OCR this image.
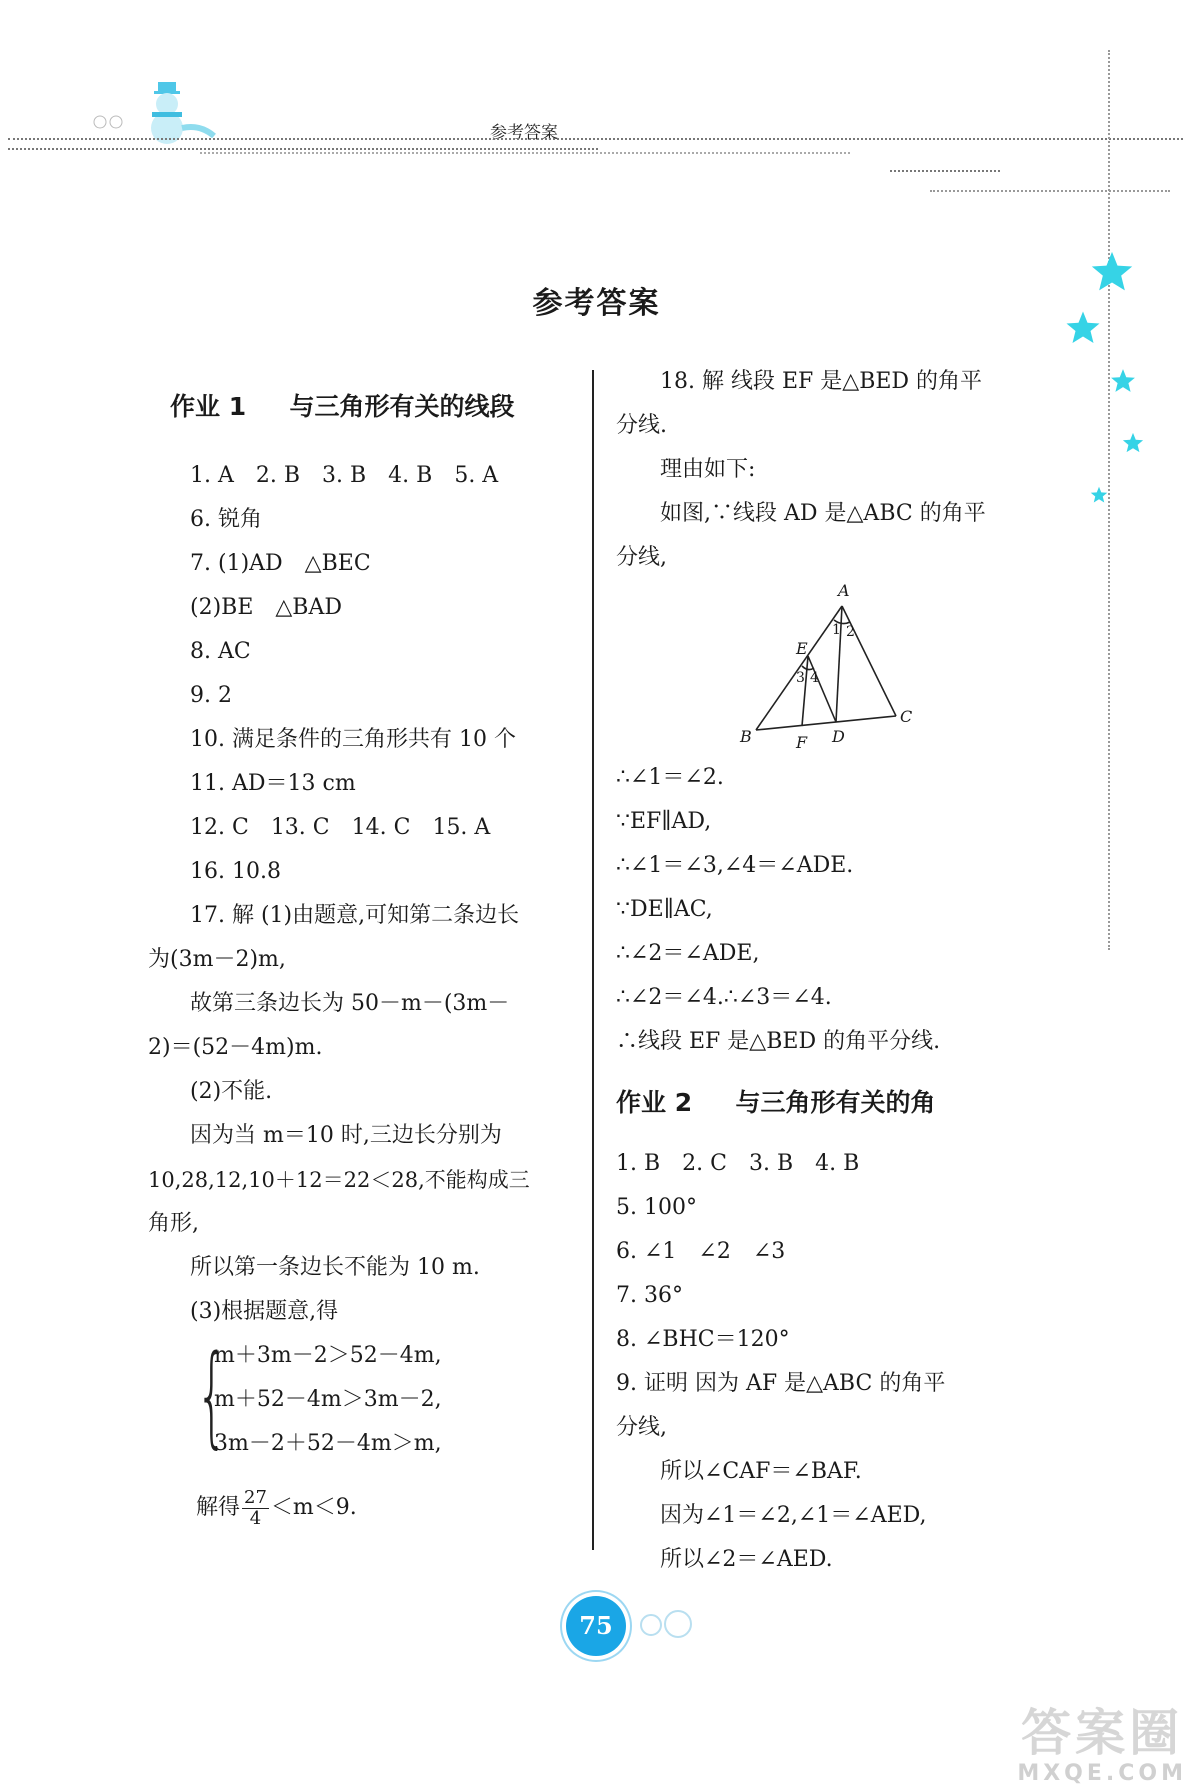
参考答案
参考答案
作业 1 与三角形有关的线段
1. A　2. B　3. B　4. B　5. A
6. 锐角
7. (1)AD　△BEC
(2)BE　△BAD
8. AC
9. 2
10. 满足条件的三角形共有 10 个
11. AD＝13 cm
12. C　13. C　14. C　15. A
16. 10.8
17. 解 (1)由题意,可知第二条边长
为(3m－2)m,
故第三条边长为 50－m－(3m－
2)＝(52－4m)m.
(2)不能.
因为当 m＝10 时,三边长分别为
10,28,12,10＋12＝22＜28,不能构成三
角形,
所以第一条边长不能为 10 m.
(3)根据题意,得
{
m＋3m－2＞52－4m,
m＋52－4m＞3m－2,
3m－2＋52－4m＞m,
解得 $\frac{27}{4} <m<9$.
18. 解 线段 EF 是△BED 的角平
分线.
理由如下:
如图,∵线段 AD 是△ABC 的角平
分线,
A
B
C
D
E
F
1 2
3 4
∴∠1＝∠2.
∵EF∥AD,
∴∠1＝∠3,∠4＝∠ADE.
∵DE∥AC,
∴∠2＝∠ADE,
∴∠2＝∠4.∴∠3＝∠4.
∴线段 EF 是△BED 的角平分线.
作业 2 与三角形有关的角
1. B　2. C　3. B　4. B
5. 100°
6. ∠1　∠2　∠3
7. 36°
8. ∠BHC＝120°
9. 证明 因为 AF 是△ABC 的角平
分线,
所以∠CAF＝∠BAF.
因为∠1＝∠2,∠1＝∠AED,
所以∠2＝∠AED.
75
答案圈
MXQE.COM
